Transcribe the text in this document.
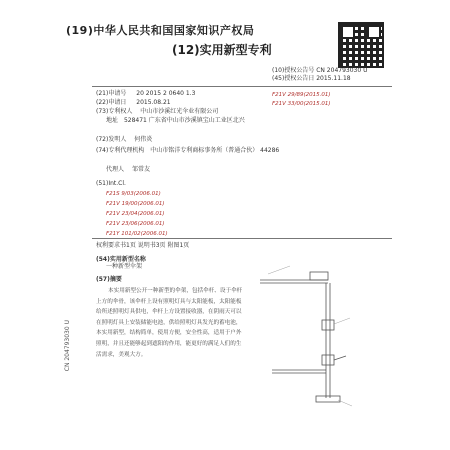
(19)中华人民共和国国家知识产权局
(12)实用新型专利
(10)授权公告号 CN 204793030 U
(45)授权公告日 2015.11.18
(21)申请号 20 2015 2 0640 1.3
(22)申请日 2015.08.21
(73)专利权人 中山市沙溪红光伞业有限公司
地址 528471 广东省中山市沙溪镇宝山工业区北兴
(72)发明人 何伟炎
(74)专利代理机构 中山市铭洋专利商标事务所（普通合伙） 44286
代理人 邹常友
(51)Int.Cl.
F21S 9/03(2006.01)
F21V 19/00(2006.01)
F21V 23/04(2006.01)
F21V 23/06(2006.01)
F21Y 101/02(2006.01)
F21V 29/89(2015.01)
F21V 33/00(2015.01)
权利要求书1页 说明书3页 附图1页
(54)实用新型名称
一种新型伞架
(57)摘要
本实用新型公开一种新型的伞架，包括伞杆、设于伞杆上方的伞骨，该伞杆上设有照明灯具与太阳能板，太阳能板给所述照明灯具供电，伞杆上方设置接收器，在阴雨天可以在照明灯具上安装储能电池，供给照明灯具发光的蓄电池，本实用新型，结构简单，使用方便，安全性高，适用于户外照明，并且还能够起到遮阳的作用，能更好的满足人们的生活需求，美观大方。
CN 204793030 U
